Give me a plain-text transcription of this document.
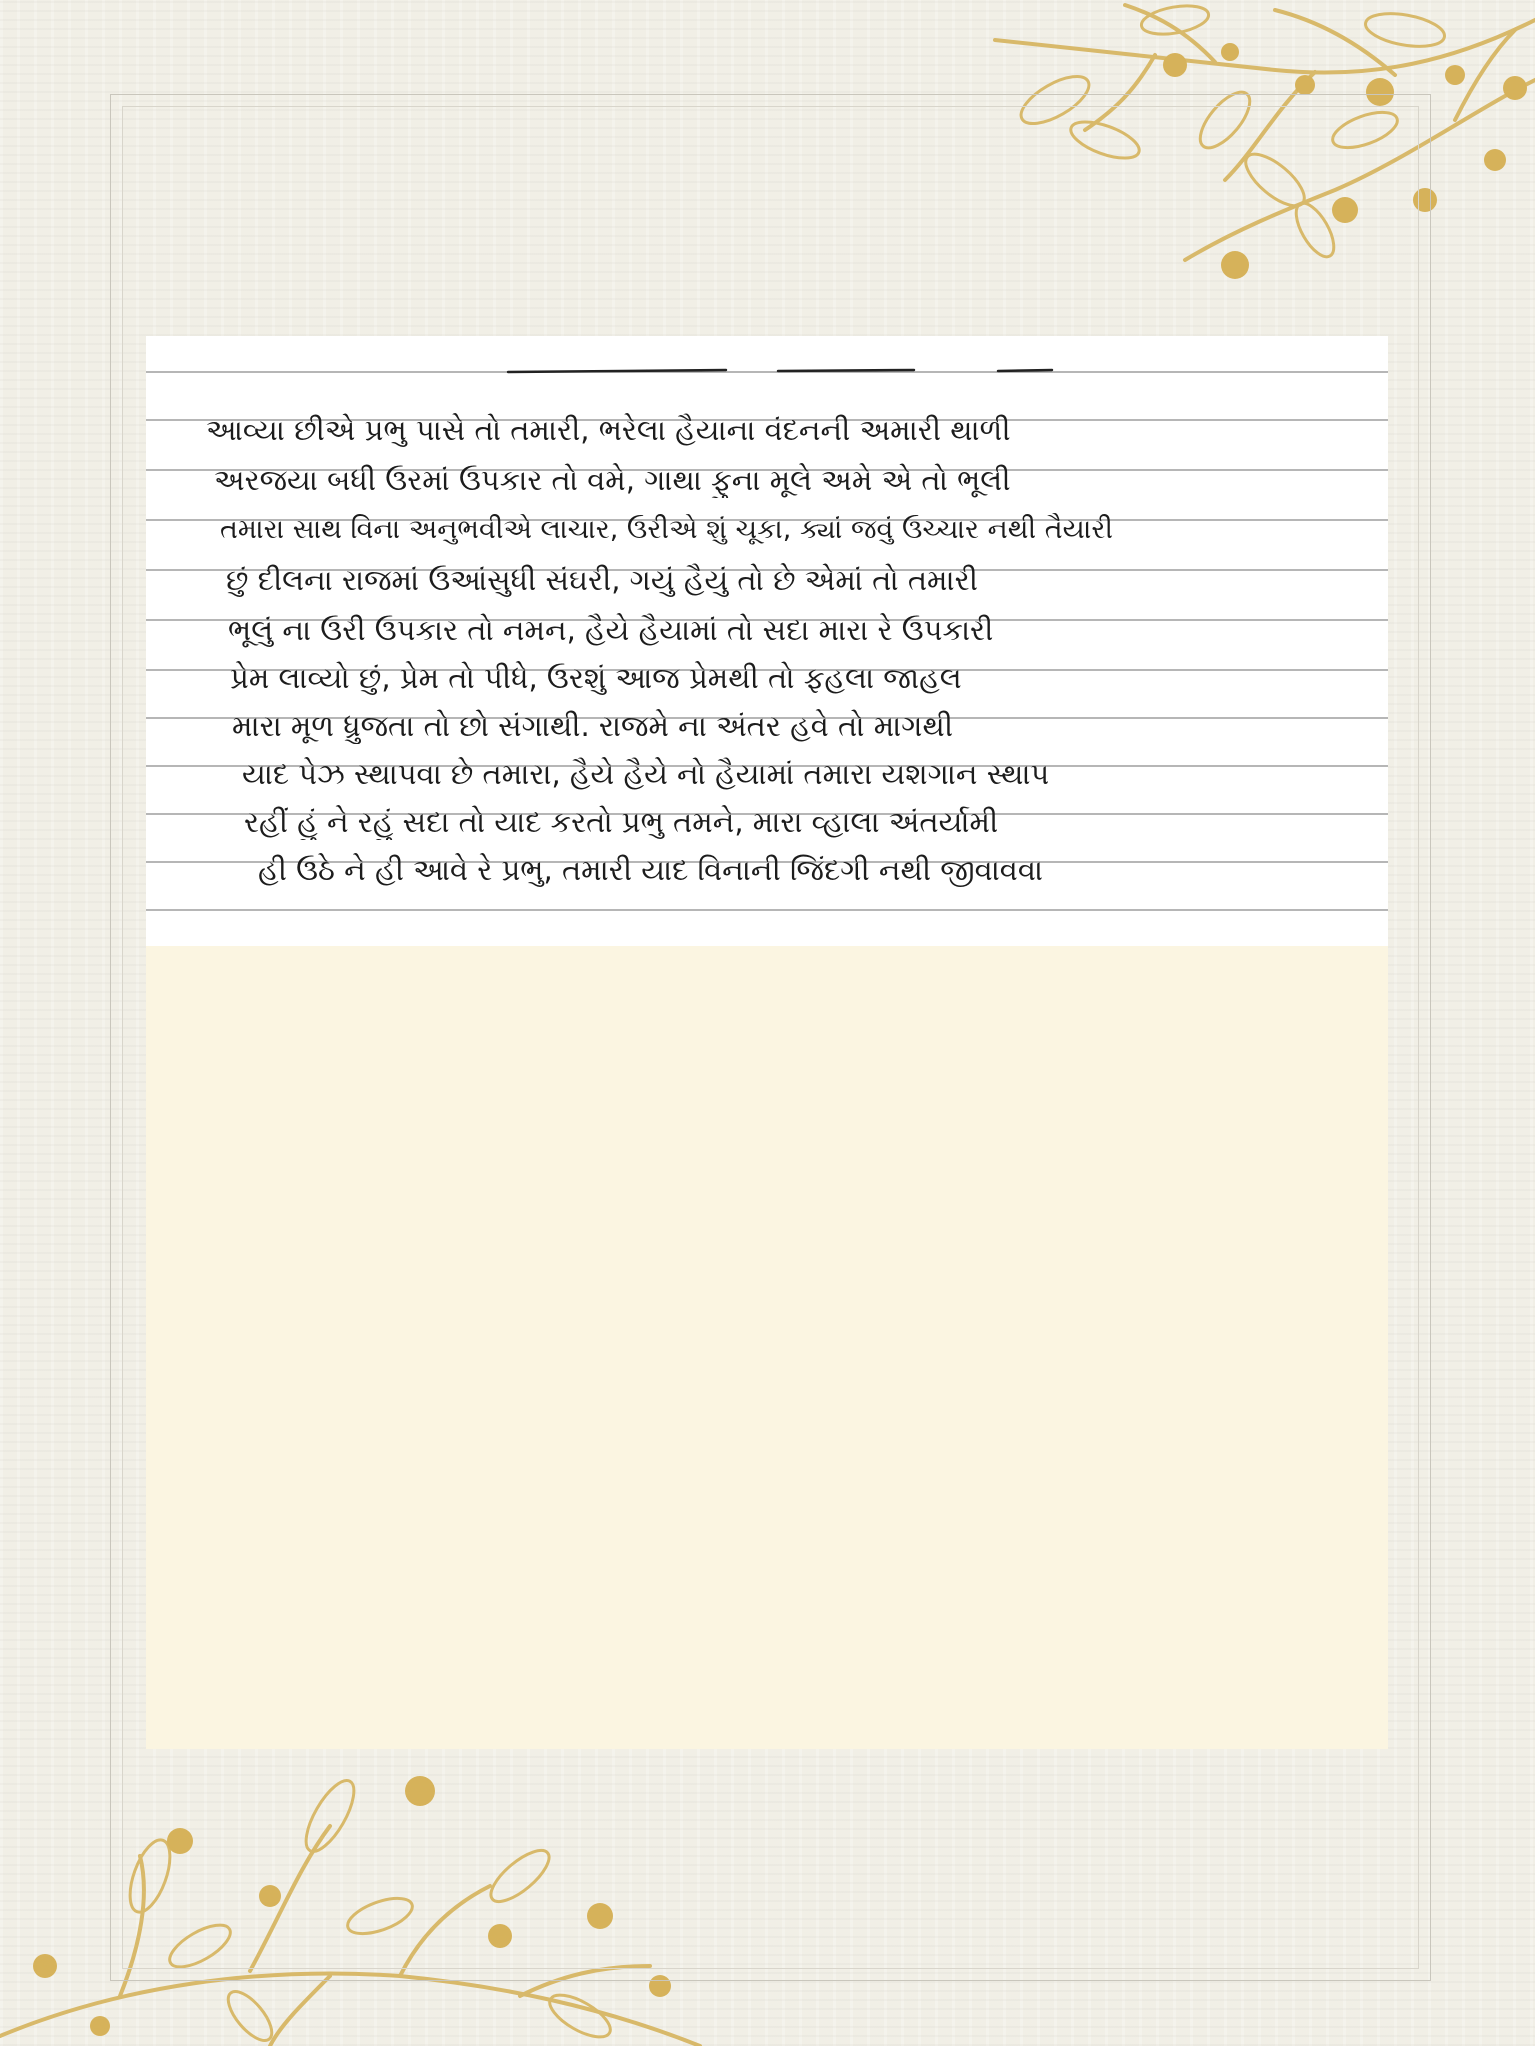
આવ્યા છીએ પ્રભુ પાસે તો તમારી, ભરેલા હૈયાના વંદનની અમારી થાળી
અરજયા બધી ઉરમાં ઉપકાર તો વમે, ગાથા ફુના મૂલે અમે એ તો ભૂલી
તમારા સાથ વિના અનુભવીએ લાચાર, ઉરીએ શું ચૂકા, ક્યાં જવું ઉચ્ચાર નથી તૈયારી
છું દીલના રાજમાં ઉઆંસુધી સંઘરી, ગયું હૈયું તો છે એમાં તો તમારી
ભૂલું ના ઉરી ઉપકાર તો નમન, હૈયે હૈયામાં તો સદા મારા રે ઉપકારી
પ્રેમ લાવ્યો છું, પ્રેમ તો પીધે, ઉરશું આજ પ્રેમથી તો ફહલા જાહલ
મારા મૂળ ધ્રુજતા તો છો સંગાથી. રાજમે ના અંતર હવે તો માગથી
યાદ પેઝ સ્થાપવા છે તમારા, હૈયે હૈયે નો હૈયામાં તમારા યશગાન સ્થાપ
રહીં હું ને રહું સદા તો યાદ કરતો પ્રભુ તમને, મારા વ્હાલા અંતર્યામી
હી ઉઠે ને હી આવે રે પ્રભુ, તમારી યાદ વિનાની જિંદગી નથી જીવાવવા
